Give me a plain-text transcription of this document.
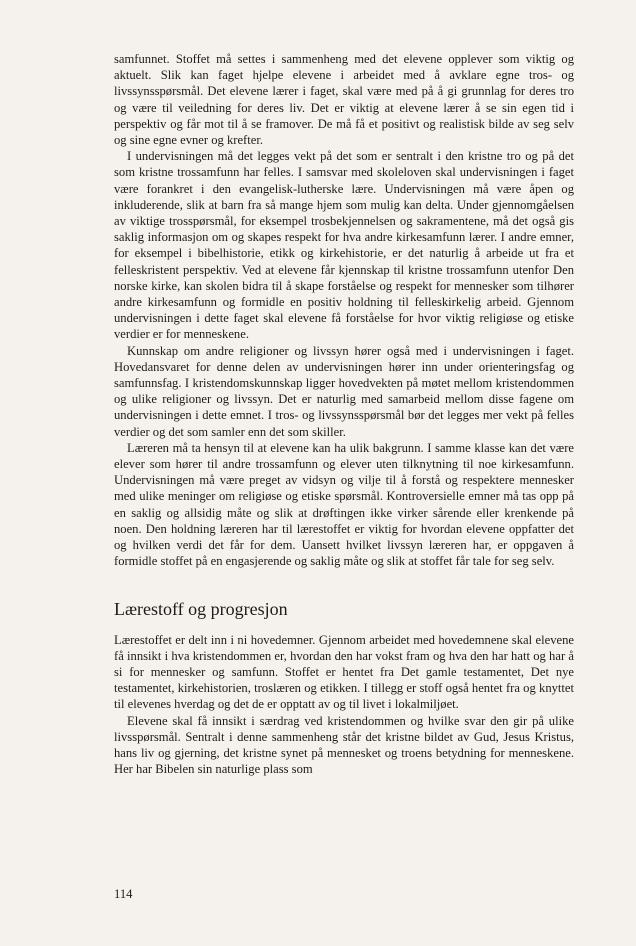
samfunnet. Stoffet må settes i sammenheng med det elevene opplever som viktig og aktuelt. Slik kan faget hjelpe elevene i arbeidet med å avklare egne tros- og livssynsspørsmål. Det elevene lærer i faget, skal være med på å gi grunnlag for deres tro og være til veiledning for deres liv. Det er viktig at elevene lærer å se sin egen tid i perspektiv og får mot til å se framover. De må få et positivt og realistisk bilde av seg selv og sine egne evner og krefter.

I undervisningen må det legges vekt på det som er sentralt i den kristne tro og på det som kristne trossamfunn har felles. I samsvar med skoleloven skal undervisningen i faget være forankret i den evangelisk-lutherske lære. Undervisningen må være åpen og inkluderende, slik at barn fra så mange hjem som mulig kan delta. Under gjennomgåelsen av viktige trosspørsmål, for eksempel trosbekjennelsen og sakramentene, må det også gis saklig informasjon om og skapes respekt for hva andre kirkesamfunn lærer. I andre emner, for eksempel i bibelhistorie, etikk og kirkehistorie, er det naturlig å arbeide ut fra et felleskristent perspektiv. Ved at elevene får kjennskap til kristne trossamfunn utenfor Den norske kirke, kan skolen bidra til å skape forståelse og respekt for mennesker som tilhører andre kirkesamfunn og formidle en positiv holdning til felleskirkelig arbeid. Gjennom undervisningen i dette faget skal elevene få forståelse for hvor viktig religiøse og etiske verdier er for menneskene.

Kunnskap om andre religioner og livssyn hører også med i undervisningen i faget. Hovedansvaret for denne delen av undervisningen hører inn under orienteringsfag og samfunnsfag. I kristendomskunnskap ligger hovedvekten på møtet mellom kristendommen og ulike religioner og livssyn. Det er naturlig med samarbeid mellom disse fagene om undervisningen i dette emnet. I tros- og livssynsspørsmål bør det legges mer vekt på felles verdier og det som samler enn det som skiller.

Læreren må ta hensyn til at elevene kan ha ulik bakgrunn. I samme klasse kan det være elever som hører til andre trossamfunn og elever uten tilknytning til noe kirkesamfunn. Undervisningen må være preget av vidsyn og vilje til å forstå og respektere mennesker med ulike meninger om religiøse og etiske spørsmål. Kontroversielle emner må tas opp på en saklig og allsidig måte og slik at drøftingen ikke virker sårende eller krenkende på noen. Den holdning læreren har til lærestoffet er viktig for hvordan elevene oppfatter det og hvilken verdi det får for dem. Uansett hvilket livssyn læreren har, er oppgaven å formidle stoffet på en engasjerende og saklig måte og slik at stoffet får tale for seg selv.

Lærestoff og progresjon

Lærestoffet er delt inn i ni hovedemner. Gjennom arbeidet med hovedemnene skal elevene få innsikt i hva kristendommen er, hvordan den har vokst fram og hva den har hatt og har å si for mennesker og samfunn. Stoffet er hentet fra Det gamle testamentet, Det nye testamentet, kirkehistorien, troslæren og etikken. I tillegg er stoff også hentet fra og knyttet til elevenes hverdag og det de er opptatt av og til livet i lokalmiljøet.

Elevene skal få innsikt i særdrag ved kristendommen og hvilke svar den gir på ulike livsspørsmål. Sentralt i denne sammenheng står det kristne bildet av Gud, Jesus Kristus, hans liv og gjerning, det kristne synet på mennesket og troens betydning for menneskene. Her har Bibelen sin naturlige plass som

114
